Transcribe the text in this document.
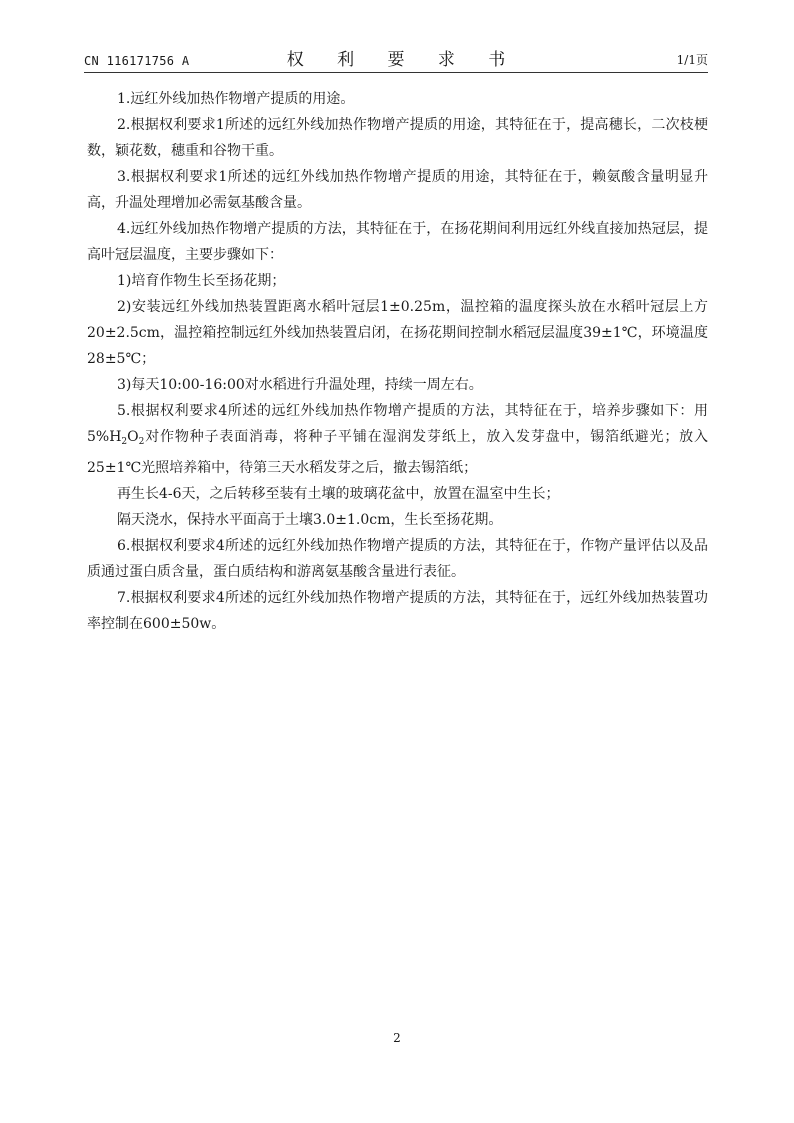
CN 116171756 A	权 利 要 求 书	1/1页

1.远红外线加热作物增产提质的用途。

2.根据权利要求1所述的远红外线加热作物增产提质的用途，其特征在于，提高穗长，二次枝梗数，颖花数，穗重和谷物干重。

3.根据权利要求1所述的远红外线加热作物增产提质的用途，其特征在于，赖氨酸含量明显升高，升温处理增加必需氨基酸含量。

4.远红外线加热作物增产提质的方法，其特征在于，在扬花期间利用远红外线直接加热冠层，提高叶冠层温度，主要步骤如下：

1)培育作物生长至扬花期；

2)安装远红外线加热装置距离水稻叶冠层1±0.25m，温控箱的温度探头放在水稻叶冠层上方20±2.5cm，温控箱控制远红外线加热装置启闭，在扬花期间控制水稻冠层温度39±1℃，环境温度28±5℃；

3)每天10:00-16:00对水稻进行升温处理，持续一周左右。

5.根据权利要求4所述的远红外线加热作物增产提质的方法，其特征在于，培养步骤如下：用$5\%H_2O_2$对作物种子表面消毒，将种子平铺在湿润发芽纸上，放入发芽盘中，锡箔纸避光；放入25±1℃光照培养箱中，待第三天水稻发芽之后，撤去锡箔纸；

再生长4-6天，之后转移至装有土壤的玻璃花盆中，放置在温室中生长；

隔天浇水，保持水平面高于土壤3.0±1.0cm，生长至扬花期。

6.根据权利要求4所述的远红外线加热作物增产提质的方法，其特征在于，作物产量评估以及品质通过蛋白质含量，蛋白质结构和游离氨基酸含量进行表征。

7.根据权利要求4所述的远红外线加热作物增产提质的方法，其特征在于，远红外线加热装置功率控制在600±50w。

2
